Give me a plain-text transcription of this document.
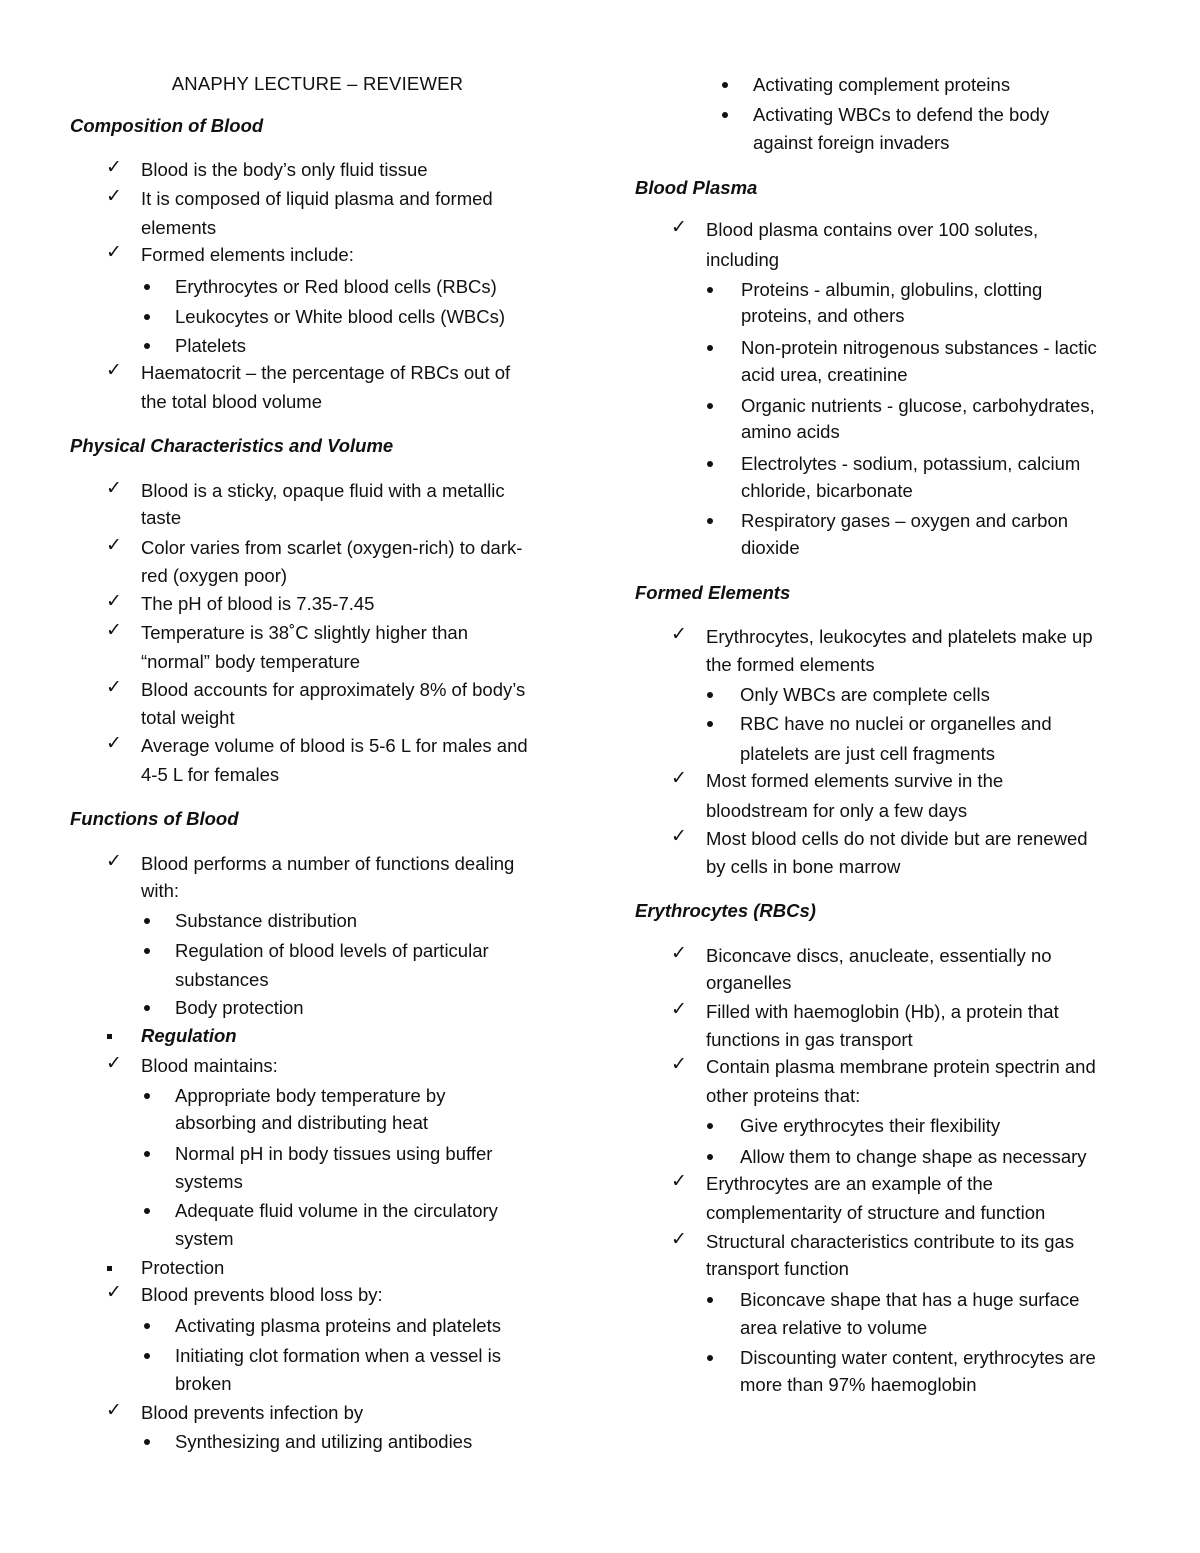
ANAPHY LECTURE – REVIEWER
Composition of Blood
✓ Blood is the body’s only fluid tissue
✓ It is composed of liquid plasma and formed
elements
✓ Formed elements include:
Erythrocytes or Red blood cells (RBCs)
Leukocytes or White blood cells (WBCs)
Platelets
✓ Haematocrit – the percentage of RBCs out of
the total blood volume
Physical Characteristics and Volume
✓ Blood is a sticky, opaque fluid with a metallic
taste
✓ Color varies from scarlet (oxygen-rich) to dark-
red (oxygen poor)
✓ The pH of blood is 7.35-7.45
✓ Temperature is 38˚C slightly higher than
“normal” body temperature
✓ Blood accounts for approximately 8% of body’s
total weight
✓ Average volume of blood is 5-6 L for males and
4-5 L for females
Functions of Blood
✓ Blood performs a number of functions dealing
with:
Substance distribution
Regulation of blood levels of particular
substances
Body protection
Regulation
✓ Blood maintains:
Appropriate body temperature by
absorbing and distributing heat
Normal pH in body tissues using buffer
systems
Adequate fluid volume in the circulatory
system
Protection
✓ Blood prevents blood loss by:
Activating plasma proteins and platelets
Initiating clot formation when a vessel is
broken
✓ Blood prevents infection by
Synthesizing and utilizing antibodies
Activating complement proteins
Activating WBCs to defend the body
against foreign invaders
Blood Plasma
✓ Blood plasma contains over 100 solutes,
including
Proteins - albumin, globulins, clotting
proteins, and others
Non-protein nitrogenous substances - lactic
acid urea, creatinine
Organic nutrients - glucose, carbohydrates,
amino acids
Electrolytes - sodium, potassium, calcium
chloride, bicarbonate
Respiratory gases – oxygen and carbon
dioxide
Formed Elements
✓ Erythrocytes, leukocytes and platelets make up
the formed elements
Only WBCs are complete cells
RBC have no nuclei or organelles and
platelets are just cell fragments
✓ Most formed elements survive in the
bloodstream for only a few days
✓ Most blood cells do not divide but are renewed
by cells in bone marrow
Erythrocytes (RBCs)
✓ Biconcave discs, anucleate, essentially no
organelles
✓ Filled with haemoglobin (Hb), a protein that
functions in gas transport
✓ Contain plasma membrane protein spectrin and
other proteins that:
Give erythrocytes their flexibility
Allow them to change shape as necessary
✓ Erythrocytes are an example of the
complementarity of structure and function
✓ Structural characteristics contribute to its gas
transport function
Biconcave shape that has a huge surface
area relative to volume
Discounting water content, erythrocytes are
more than 97% haemoglobin
